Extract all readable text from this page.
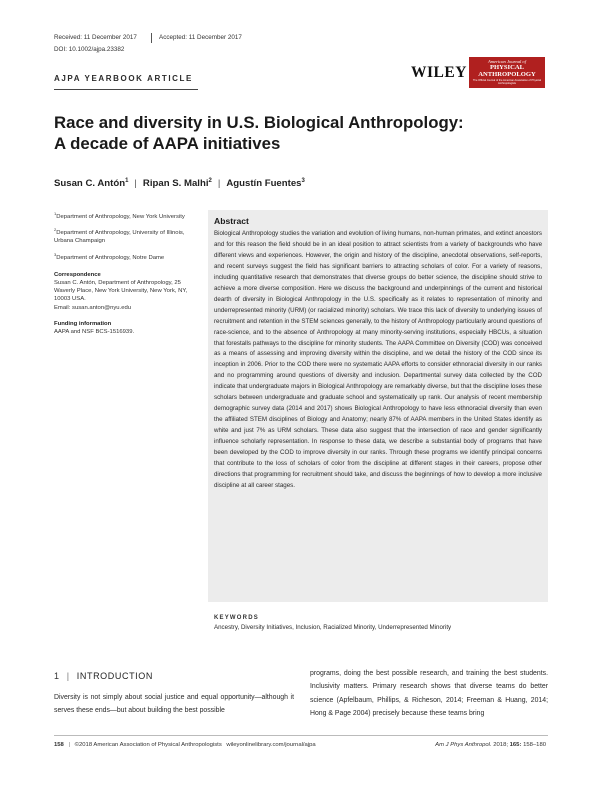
Received: 11 December 2017	Accepted: 11 December 2017
DOI: 10.1002/ajpa.23382
AJPA YEARBOOK ARTICLE	WILEY
American Journal of
PHYSICAL
ANTHROPOLOGY
The Official Journal of the American Association of Physical Anthropologists
Race and diversity in U.S. Biological Anthropology:
A decade of AAPA initiatives
Susan C. Antón$^1$ | Ripan S. Malhi$^2$ | Agustín Fuentes$^3$

$^1$Department of Anthropology, New York University

$^2$Department of Anthropology, University of Illinois, Urbana Champaign

$^3$Department of Anthropology, Notre Dame

Correspondence
Susan C. Antón, Department of Anthropology, 25 Waverly Place, New York University, New York, NY, 10003 USA.
Email: susan.anton@nyu.edu

Funding information
AAPA and NSF BCS-1516939.

Abstract

Biological Anthropology studies the variation and evolution of living humans, non-human primates, and extinct ancestors and for this reason the field should be in an ideal position to attract scientists from a variety of backgrounds who have different views and experiences. However, the origin and history of the discipline, anecdotal observations, self-reports, and recent surveys suggest the field has significant barriers to attracting scholars of color. For a variety of reasons, including quantitative research that demonstrates that diverse groups do better science, the discipline should strive to achieve a more diverse composition. Here we discuss the background and underpinnings of the current and historical dearth of diversity in Biological Anthropology in the U.S. specifically as it relates to representation of minority and underrepresented minority (URM) (or racialized minority) scholars. We trace this lack of diversity to underlying issues of recruitment and retention in the STEM sciences generally, to the history of Anthropology particularly around questions of race-science, and to the absence of Anthropology at many minority-serving institutions, especially HBCUs, a situation that forestalls pathways to the discipline for minority students. The AAPA Committee on Diversity (COD) was conceived as a means of assessing and improving diversity within the discipline, and we detail the history of the COD since its inception in 2006. Prior to the COD there were no systematic AAPA efforts to consider ethnoracial diversity in our ranks and no programming around questions of diversity and inclusion. Departmental survey data collected by the COD indicate that undergraduate majors in Biological Anthropology are remarkably diverse, but that the discipline loses these scholars between undergraduate and graduate school and systematically up rank. Our analysis of recent membership demographic survey data (2014 and 2017) shows Biological Anthropology to have less ethnoracial diversity than even the affiliated STEM disciplines of Biology and Anatomy; nearly 87% of AAPA members in the United States identify as white and just 7% as URM scholars. These data also suggest that the intersection of race and gender significantly influence scholarly representation. In response to these data, we describe a substantial body of programs that have been developed by the COD to improve diversity in our ranks. Through these programs we identify principal concerns that contribute to the loss of scholars of color from the discipline at different stages in their careers, propose other directions that programming for recruitment should take, and discuss the beginnings of how to develop a more inclusive discipline at all career stages.

KEYWORDS
Ancestry, Diversity Initiatives, Inclusion, Racialized Minority, Underrepresented Minority
1 | INTRODUCTION

Diversity is not simply about social justice and equal opportunity—although it serves these ends—but about building the best possible

programs, doing the best possible research, and training the best students. Inclusivity matters. Primary research shows that diverse teams do better science (Apfelbaum, Phillips, & Richeson, 2014; Freeman & Huang, 2014; Hong & Page 2004) precisely because these teams bring

158 | ©2018 American Association of Physical Anthropologists wileyonlinelibrary.com/journal/ajpa	Am J Phys Anthropol. 2018; 165: 158–180
